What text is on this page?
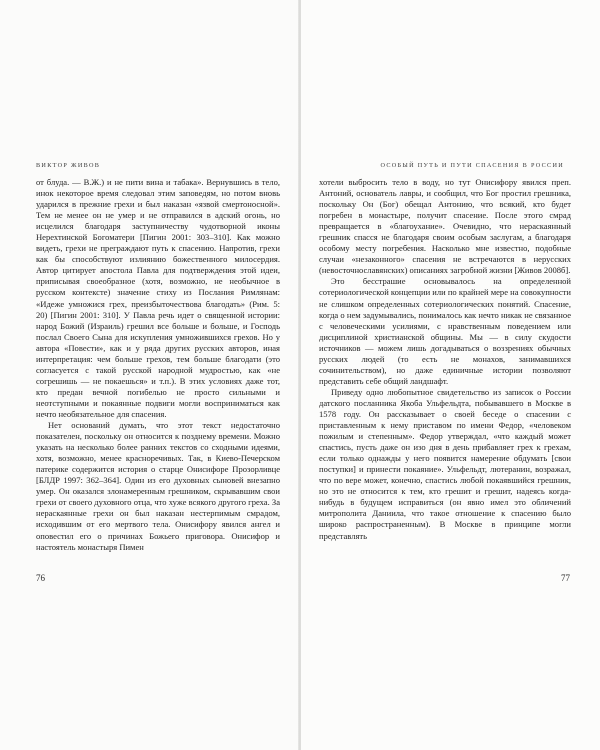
ВИКТОР ЖИВОВ

от блуда. — В.Ж.) и не пити вина и табака». Вернувшись в тело, инок некоторое время следовал этим заповедям, но потом вновь ударился в прежние грехи и был наказан «язвой смертоносной». Тем не менее он не умер и не отправился в адский огонь, но исцелился благодаря заступничеству чудотворной иконы Нерехтинской Богоматери [Пигин 2001: 303–310]. Как можно видеть, грехи не преграждают путь к спасению. Напротив, грехи как бы способствуют излиянию божественного милосердия. Автор цитирует апостола Павла для подтверждения этой идеи, приписывая своеобразное (хотя, возможно, не необычное в русском контексте) значение стиху из Послания Римлянам: «Идеже умножися грех, преизбыточествова благодать» (Рим. 5: 20) [Пигин 2001: 310]. У Павла речь идет о священной истории: народ Божий (Израиль) грешил все больше и больше, и Господь послал Своего Сына для искупления умножившихся грехов. Но у автора «Повести», как и у ряда других русских авторов, иная интерпретация: чем больше грехов, тем больше благодати (это согласуется с такой русской народной мудростью, как «не согрешишь — не покаешься» и т.п.). В этих условиях даже тот, кто предан вечной погибелью не просто сильными и неотступными и покаянные подвиги могли восприниматься как нечто необязательное для спасения.

Нет оснований думать, что этот текст недостаточно показателен, поскольку он относится к позднему времени. Можно указать на несколько более ранних текстов со сходными идеями, хотя, возможно, менее красноречивых. Так, в Киево-Печерском патерике содержится история о старце Онисифоре Прозорливце [БЛДР 1997: 362–364]. Один из его духовных сыновей внезапно умер. Он оказался злонамеренным грешником, скрывавшим свои грехи от своего духовного отца, что хуже всякого другого греха. За нераскаянные грехи он был наказан нестерпимым смрадом, исходившим от его мертвого тела. Онисифору явился ангел и оповестил его о причинах Божьего приговора. Онисифор и настоятель монастыря Пимен

76
ОСОБЫЙ ПУТЬ И ПУТИ СПАСЕНИЯ В РОССИИ

хотели выбросить тело в воду, но тут Онисифору явился преп. Антоний, основатель лавры, и сообщил, что Бог простил грешника, поскольку Он (Бог) обещал Антонию, что всякий, кто будет погребен в монастыре, получит спасение. После этого смрад превращается в «благоухание». Очевидно, что нераскаянный грешник спасся не благодаря своим особым заслугам, а благодаря особому месту погребения. Насколько мне известно, подобные случаи «незаконного» спасения не встречаются в нерусских (невосточнославянских) описаниях загробной жизни [Живов 2008б].

Это бесстрашие основывалось на определенной сотериологической концепции или по крайней мере на совокупности не слишком определенных сотериологических понятий. Спасение, когда о нем задумывались, понималось как нечто никак не связанное с человеческими усилиями, с нравственным поведением или дисциплиной христианской общины. Мы — в силу скудости источников — можем лишь догадываться о воззрениях обычных русских людей (то есть не монахов, занимавшихся сочинительством), но даже единичные истории позволяют представить себе общий ландшафт.

Приведу одно любопытное свидетельство из записок о России датского посланника Якоба Ульфельдта, побывавшего в Москве в 1578 году. Он рассказывает о своей беседе о спасении с приставленным к нему приставом по имени Федор, «человеком пожилым и степенным». Федор утверждал, «что каждый может спастись, пусть даже он изо дня в день прибавляет грех к грехам, если только однажды у него появится намерение обдумать [свои поступки] и принести покаяние». Ульфельдт, лютеранин, возражал, что по вере может, конечно, спастись любой покаявшийся грешник, но это не относится к тем, кто грешит и грешит, надеясь когда-нибудь в будущем исправиться (он явно имел это обличений митрополита Даниила, что такое отношение к спасению было широко распространенным). В Москве в принципе могли представлять

77
